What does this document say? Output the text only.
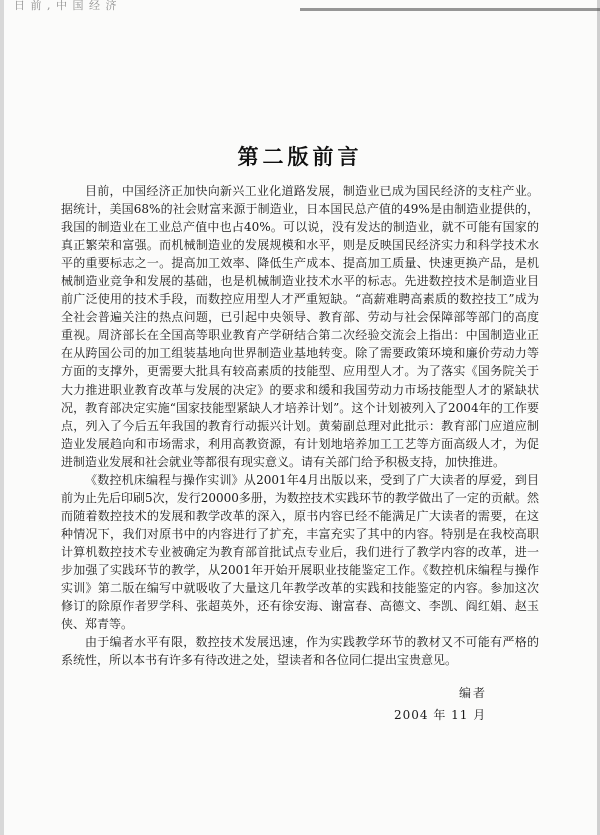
日 前 , 中 国 经 济
第二版前言

目前，中国经济正加快向新兴工业化道路发展，制造业已成为国民经济的支柱产业。据统计，美国68%的社会财富来源于制造业，日本国民总产值的49%是由制造业提供的，我国的制造业在工业总产值中也占40%。可以说，没有发达的制造业，就不可能有国家的真正繁荣和富强。而机械制造业的发展规模和水平，则是反映国民经济实力和科学技术水平的重要标志之一。提高加工效率、降低生产成本、提高加工质量、快速更换产品，是机械制造业竞争和发展的基础，也是机械制造业技术水平的标志。先进数控技术是制造业目前广泛使用的技术手段，而数控应用型人才严重短缺。“高薪难聘高素质的数控技工”成为全社会普遍关注的热点问题，已引起中央领导、教育部、劳动与社会保障部等部门的高度重视。周济部长在全国高等职业教育产学研结合第二次经验交流会上指出：中国制造业正在从跨国公司的加工组装基地向世界制造业基地转变。除了需要政策环境和廉价劳动力等方面的支撑外，更需要大批具有较高素质的技能型、应用型人才。为了落实《国务院关于大力推进职业教育改革与发展的决定》的要求和缓和我国劳动力市场技能型人才的紧缺状况，教育部决定实施“国家技能型紧缺人才培养计划”。这个计划被列入了2004年的工作要点，列入了今后五年我国的教育行动振兴计划。黄菊副总理对此批示：教育部门应道应制造业发展趋向和市场需求，利用高教资源，有计划地培养加工工艺等方面高级人才，为促进制造业发展和社会就业等都很有现实意义。请有关部门给予积极支持，加快推进。

《数控机床编程与操作实训》从2001年4月出版以来，受到了广大读者的厚爱，到目前为止先后印刷5次，发行20000多册，为数控技术实践环节的教学做出了一定的贡献。然而随着数控技术的发展和教学改革的深入，原书内容已经不能满足广大读者的需要，在这种情况下，我们对原书中的内容进行了扩充，丰富充实了其中的内容。特别是在我校高职计算机数控技术专业被确定为教育部首批试点专业后，我们进行了教学内容的改革，进一步加强了实践环节的教学，从2001年开始开展职业技能鉴定工作。《数控机床编程与操作实训》第二版在编写中就吸收了大量这几年教学改革的实践和技能鉴定的内容。参加这次修订的除原作者罗学科、张超英外，还有徐安海、谢富春、高德文、李凯、阎红娟、赵玉侠、郑青等。

由于编者水平有限，数控技术发展迅速，作为实践教学环节的教材又不可能有严格的系统性，所以本书有许多有待改进之处，望读者和各位同仁提出宝贵意见。

编者
2004 年 11 月
